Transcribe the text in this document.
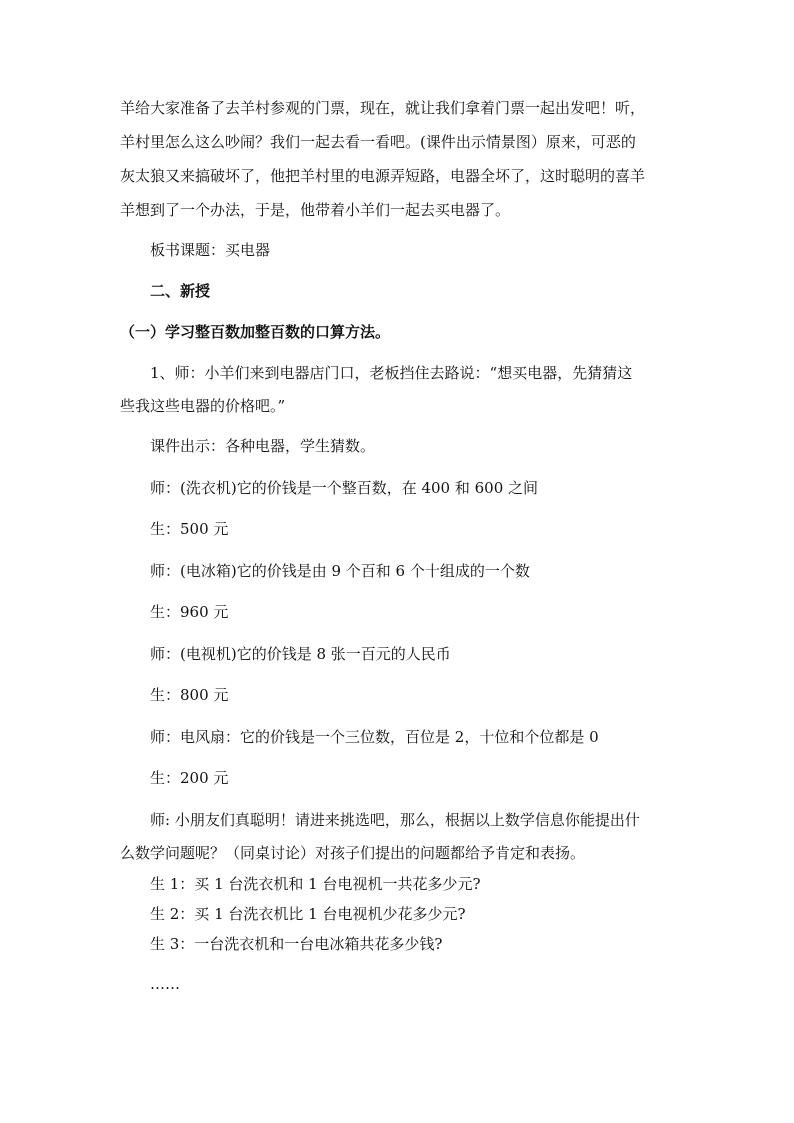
羊给大家准备了去羊村参观的门票，现在，就让我们拿着门票一起出发吧！听，
羊村里怎么这么吵闹？我们一起去看一看吧。(课件出示情景图）原来，可恶的
灰太狼又来搞破坏了，他把羊村里的电源弄短路，电器全坏了，这时聪明的喜羊
羊想到了一个办法，于是，他带着小羊们一起去买电器了。
板书课题：买电器
二、新授
（一）学习整百数加整百数的口算方法。
1、师：小羊们来到电器店门口，老板挡住去路说：“想买电器，先猜猜这
些我这些电器的价格吧。”
课件出示：各种电器，学生猜数。
师：(洗衣机)它的价钱是一个整百数，在 400 和 600 之间
生：500 元
师：(电冰箱)它的价钱是由 9 个百和 6 个十组成的一个数
生：960 元
师：(电视机)它的价钱是 8 张一百元的人民币
生：800 元
师：电风扇：它的价钱是一个三位数，百位是 2，十位和个位都是 0
生：200 元
师: 小朋友们真聪明！请进来挑选吧，那么，根据以上数学信息你能提出什
么数学问题呢？（同桌讨论）对孩子们提出的问题都给予肯定和表扬。
生 1：买 1 台洗衣机和 1 台电视机一共花多少元?
生 2：买 1 台洗衣机比 1 台电视机少花多少元?
生 3：一台洗衣机和一台电冰箱共花多少钱?
……
